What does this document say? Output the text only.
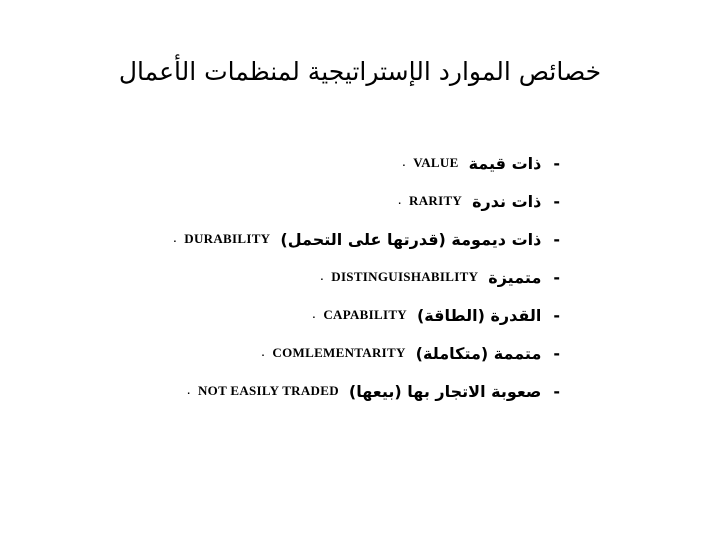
خصائص الموارد الإستراتيجية لمنظمات الأعمال
-
ذات قيمة
VALUE
.
-
ذات ندرة
RARITY
.
-
ذات ديمومة (قدرتها على التحمل)
DURABILITY
.
-
متميزة
DISTINGUISHABILITY
.
-
القدرة (الطاقة)
CAPABILITY
.
-
متممة (متكاملة)
COMLEMENTARITY
.
-
صعوبة الاتجار بها (بيعها)
NOT EASILY TRADED
.
